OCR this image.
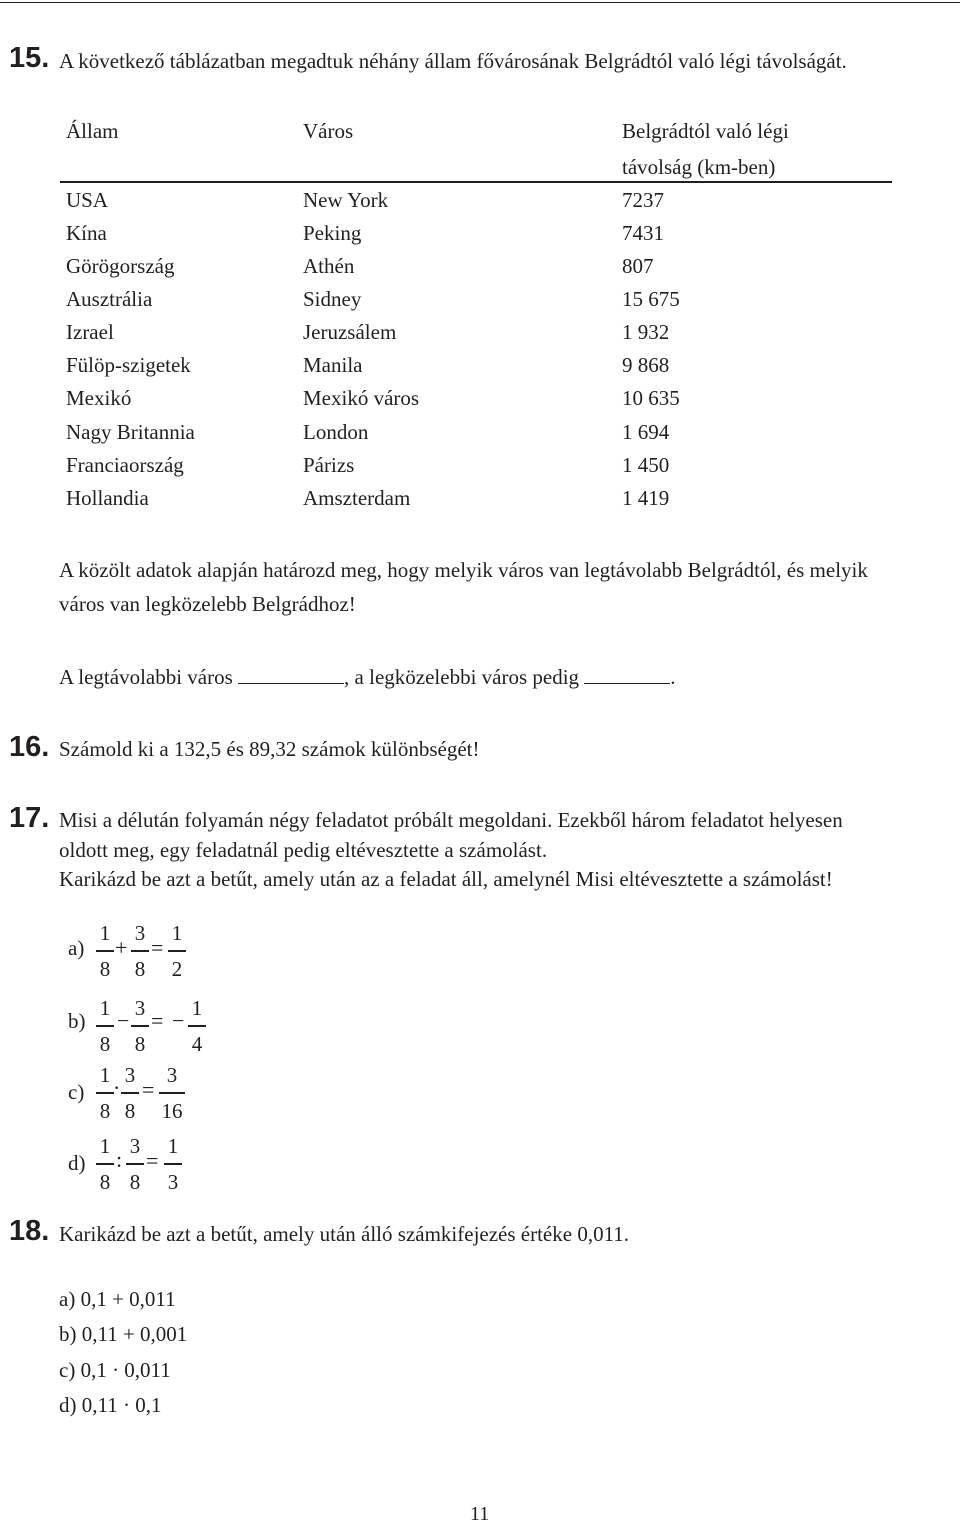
15. A következő táblázatban megadtuk néhány állam fővárosának Belgrádtól való légi távolságát.
Állam	Város	Belgrádtól való légi
távolság (km-ben)
USA	New York	7237
Kína	Peking	7431
Görögország	Athén	807
Ausztrália	Sidney	15 675
Izrael	Jeruzsálem	1 932
Fülöp-szigetek	Manila	9 868
Mexikó	Mexikó város	10 635
Nagy Britannia	London	1 694
Franciaország	Párizs	1 450
Hollandia	Amszterdam	1 419
A közölt adatok alapján határozd meg, hogy melyik város van legtávolabb Belgrádtól, és melyik
város van legközelebb Belgrádhoz!
A legtávolabbi város	, a legközelebbi város pedig	.
16. Számold ki a 132,5 és 89,32 számok különbségét!
17. Misi a délután folyamán négy feladatot próbált megoldani. Ezekből három feladatot helyesen
oldott meg, egy feladatnál pedig eltévesztette a számolást.
Karikázd be azt a betűt, amely után az a feladat áll, amelynél Misi eltévesztette a számolást!
a)
1
8
+
3
8
=
1
2
b)
1
8
− 3
8
= − 1
4
c)
1
8
· 3
8
=
3
16
d)
1
8
:
3
8
=
1
3
18. Karikázd be azt a betűt, amely után álló számkifejezés értéke 0,011.
a) 0,1 + 0,011
b) 0,11 + 0,001
c) 0,1 · 0,011
d) 0,11 · 0,1
11
